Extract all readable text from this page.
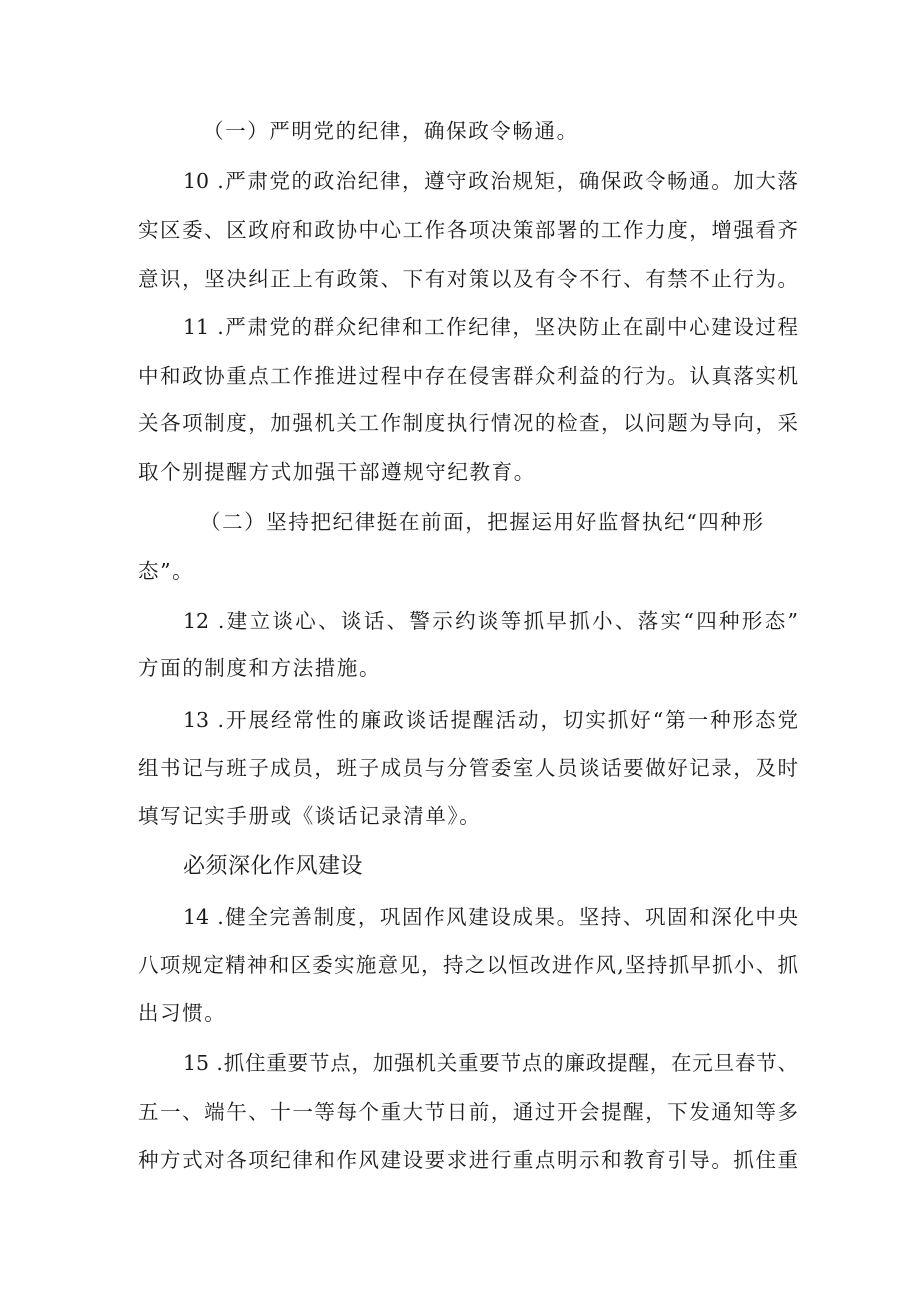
（一）严明党的纪律，确保政令畅通。
10 .严肃党的政治纪律，遵守政治规矩，确保政令畅通。加大落
实区委、区政府和政协中心工作各项决策部署的工作力度，增强看齐
意识，坚决纠正上有政策、下有对策以及有令不行、有禁不止行为。
11 .严肃党的群众纪律和工作纪律，坚决防止在副中心建设过程
中和政协重点工作推进过程中存在侵害群众利益的行为。认真落实机
关各项制度，加强机关工作制度执行情况的检查，以问题为导向，采
取个别提醒方式加强干部遵规守纪教育。
（二）坚持把纪律挺在前面，把握运用好监督执纪“四种形
态”。
12 .建立谈心、谈话、警示约谈等抓早抓小、落实“四种形态”
方面的制度和方法措施。
13 .开展经常性的廉政谈话提醒活动，切实抓好“第一种形态党
组书记与班子成员，班子成员与分管委室人员谈话要做好记录，及时
填写记实手册或《谈话记录清单》。
必须深化作风建设
14 .健全完善制度，巩固作风建设成果。坚持、巩固和深化中央
八项规定精神和区委实施意见，持之以恒改进作风,坚持抓早抓小、抓
出习惯。
15 .抓住重要节点，加强机关重要节点的廉政提醒，在元旦春节、
五一、端午、十一等每个重大节日前，通过开会提醒，下发通知等多
种方式对各项纪律和作风建设要求进行重点明示和教育引导。抓住重
